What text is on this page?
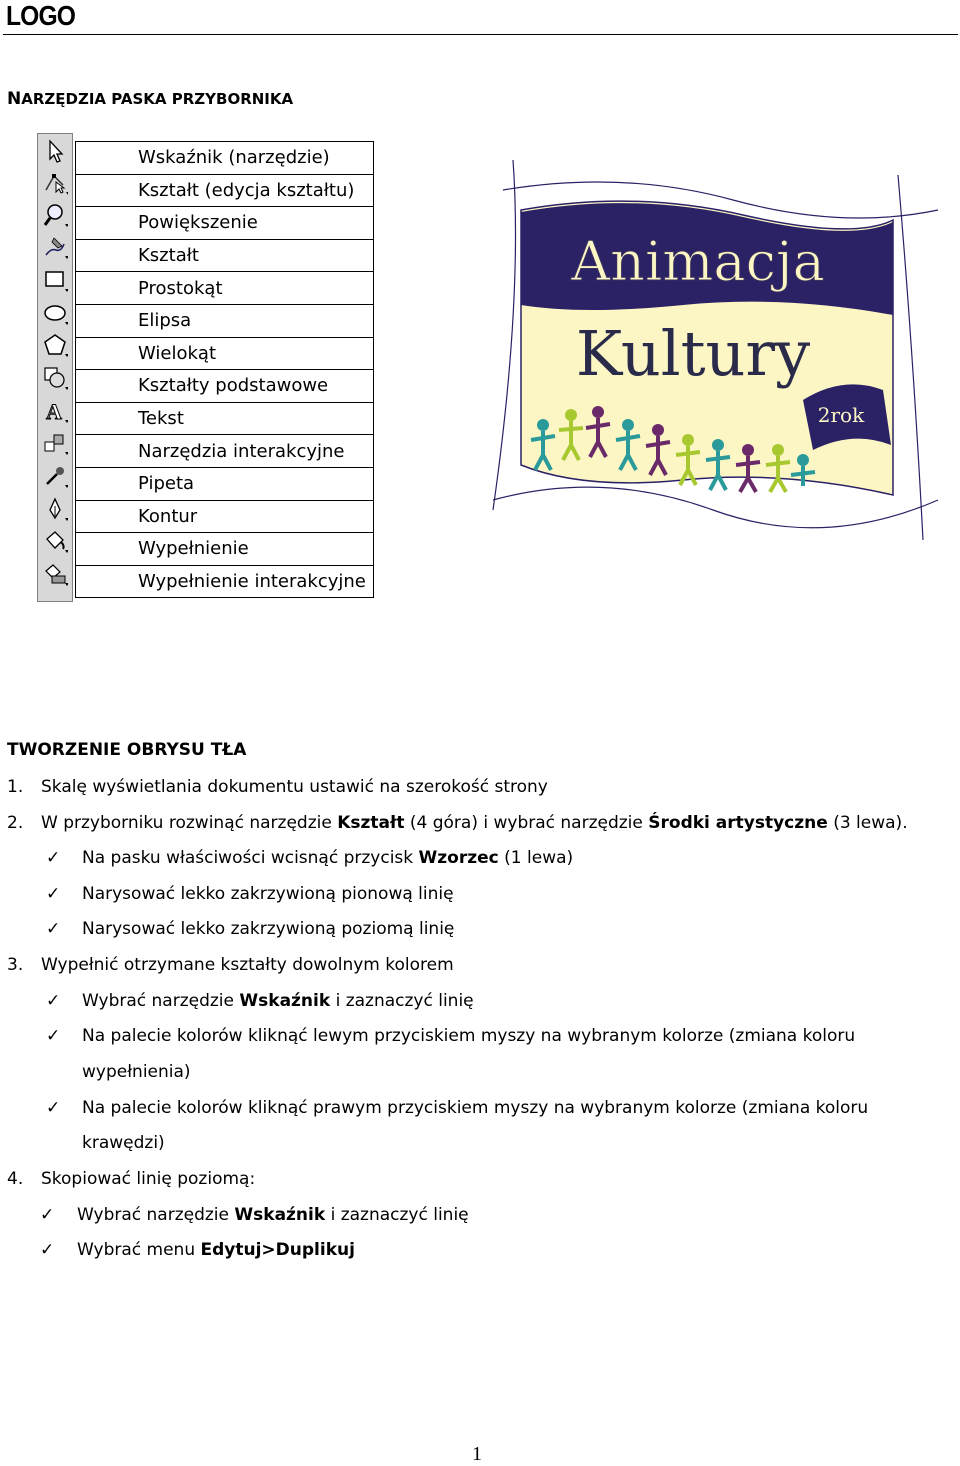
LOGO
NARZĘDZIA PASKA PRZYBORNIKA
A
Wskaźnik (narzędzie)
Kształt (edycja kształtu)
Powiększenie
Kształt
Prostokąt
Elipsa
Wielokąt
Kształty podstawowe
Tekst
Narzędzia interakcyjne
Pipeta
Kontur
Wypełnienie
Wypełnienie interakcyjne
2rok
Animacja
Kultury
TWORZENIE OBRYSU TŁA
1. Skalę wyświetlania dokumentu ustawić na szerokość strony
2. W przyborniku rozwinąć narzędzie Kształt (4 góra) i wybrać narzędzie Środki artystyczne (3 lewa).
✓ Na pasku właściwości wcisnąć przycisk Wzorzec (1 lewa)
✓ Narysować lekko zakrzywioną pionową linię
✓ Narysować lekko zakrzywioną poziomą linię
3. Wypełnić otrzymane kształty dowolnym kolorem
✓ Wybrać narzędzie Wskaźnik i zaznaczyć linię
✓ Na palecie kolorów kliknąć lewym przyciskiem myszy na wybranym kolorze (zmiana koloru
wypełnienia)
✓ Na palecie kolorów kliknąć prawym przyciskiem myszy na wybranym kolorze (zmiana koloru
krawędzi)
4. Skopiować linię poziomą:
✓ Wybrać narzędzie Wskaźnik i zaznaczyć linię
✓ Wybrać menu Edytuj>Duplikuj
1
